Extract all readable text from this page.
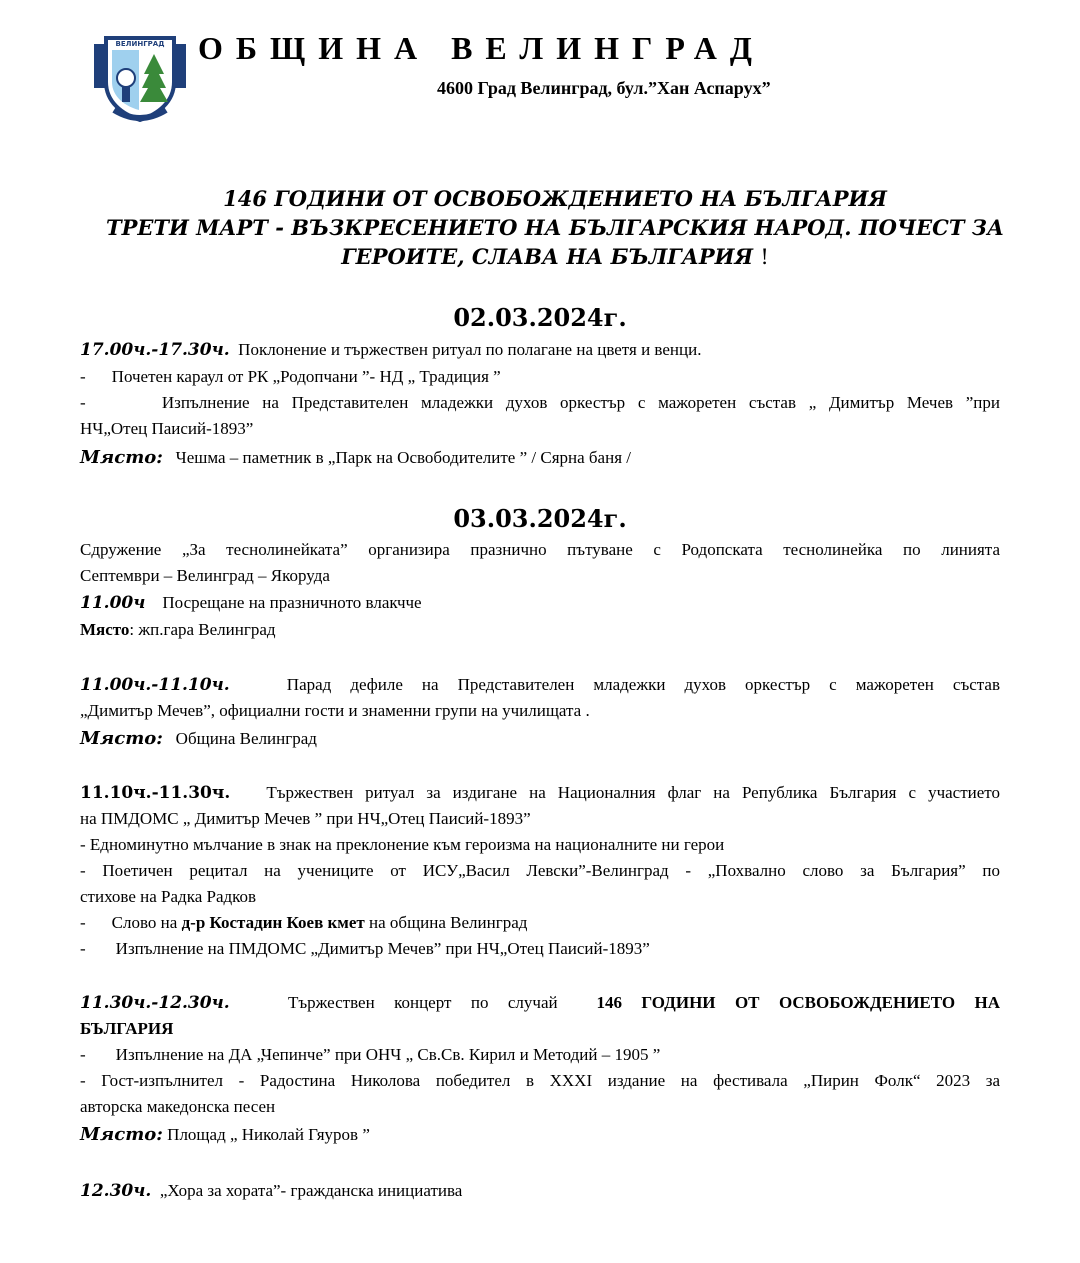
ВЕЛИНГРАД ОБЩИНА ВЕЛИНГРАД
4600 Град Велинград, бул.”Хан Аспарух”
146 ГОДИНИ ОТ ОСВОБОЖДЕНИЕТО НА БЪЛГАРИЯ
ТРЕТИ МАРТ - ВЪЗКРЕСЕНИЕТО НА БЪЛГАРСКИЯ НАРОД. ПОЧЕСТ ЗА
ГЕРОИТЕ, СЛАВА НА БЪЛГАРИЯ !
02.03.2024г.
17.00ч.-17.30ч. Поклонение и тържествен ритуал по полагане на цветя и венци.
- Почетен караул от РК „Родопчани ”- НД „ Традиция ”
-      Изпълнение на Представителен младежки духов оркестър с мажоретен състав „ Димитър Мечев ”при
НЧ„Отец Паисий-1893”
Място: Чешма – паметник в „Парк на Освободителите ” / Сярна баня /
03.03.2024г.
Сдружение „За теснолинейката” организира празнично пътуване с Родопската теснолинейка по линията
Септември – Велинград – Якоруда
11.00ч Посрещане на празничното влакчче
Място: жп.гара Велинград
11.00ч.-11.10ч.	Парад дефиле на Представителен младежки духов оркестър с мажоретен състав
„Димитър Мечев”, официални гости и знаменни групи на училищата .
Място: Община Велинград
11.10ч.-11.30ч. Тържествен ритуал за издигане на Националния флаг на Република България с участието
на ПМДОМС „ Димитър Мечев ” при НЧ„Отец Паисий-1893”
- Едноминутно мълчание в знак на преклонение към героизма на националните ни герои
- Поетичен рецитал на учениците от ИСУ„Васил Левски”-Велинград - „Похвално слово за България” по
стихове на Радка Радков
- Слово на д-р Костадин Коев кмет на община Велинград
- Изпълнение на ПМДОМС „Димитър Мечев” при НЧ„Отец Паисий-1893”
11.30ч.-12.30ч.	Тържествен концерт по случай 146 ГОДИНИ ОТ ОСВОБОЖДЕНИЕТО НА
БЪЛГАРИЯ
- Изпълнение на ДА „Чепинче” при ОНЧ „ Св.Св. Кирил и Методий – 1905 ”
- Гост-изпълнител - Радостина Николова победител в XXXI издание на фестивала „Пирин Фолк“ 2023 за
авторска македонска песен
Място: Площад „ Николай Гяуров ”
12.30ч. „Хора за хората”- гражданска инициатива
